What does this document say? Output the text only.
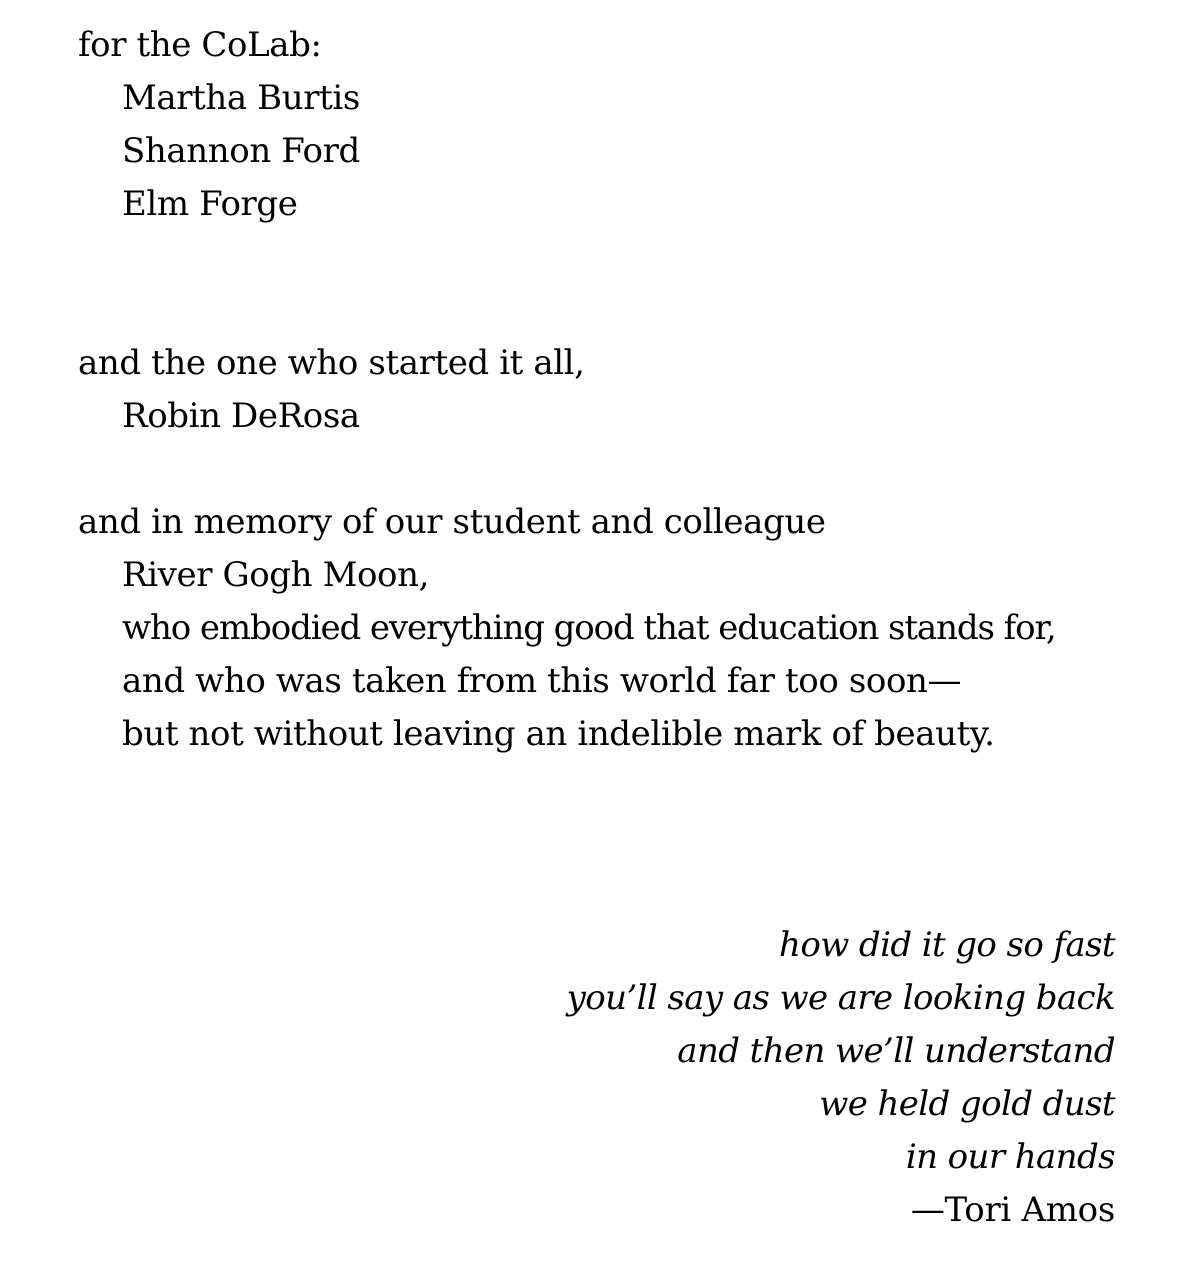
for the CoLab:
Martha Burtis
Shannon Ford
Elm Forge
and the one who started it all,
Robin DeRosa
and in memory of our student and colleague
River Gogh Moon,
who embodied everything good that education stands for,
and who was taken from this world far too soon—
but not without leaving an indelible mark of beauty.
how did it go so fast
you’ll say as we are looking back
and then we’ll understand
we held gold dust
in our hands
—Tori Amos
